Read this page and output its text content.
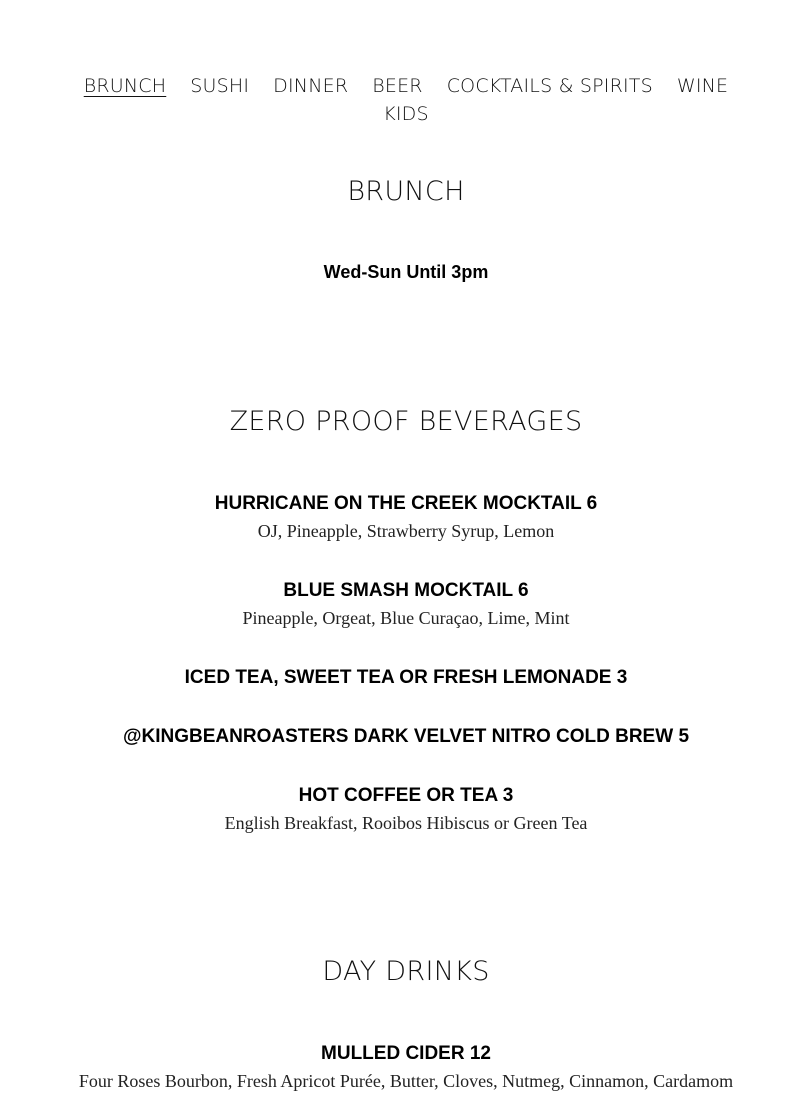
BRUNCH SUSHI DINNER BEER COCKTAILS & SPIRITS WINE
KIDS
BRUNCH
Wed-Sun Until 3pm
ZERO PROOF BEVERAGES
HURRICANE ON THE CREEK MOCKTAIL 6
OJ, Pineapple, Strawberry Syrup, Lemon
BLUE SMASH MOCKTAIL 6
Pineapple, Orgeat, Blue Curaçao, Lime, Mint
ICED TEA, SWEET TEA OR FRESH LEMONADE 3
@KINGBEANROASTERS DARK VELVET NITRO COLD BREW 5
HOT COFFEE OR TEA 3
English Breakfast, Rooibos Hibiscus or Green Tea
DAY DRINKS
MULLED CIDER 12
Four Roses Bourbon, Fresh Apricot Purée, Butter, Cloves, Nutmeg, Cinnamon, Cardamom
